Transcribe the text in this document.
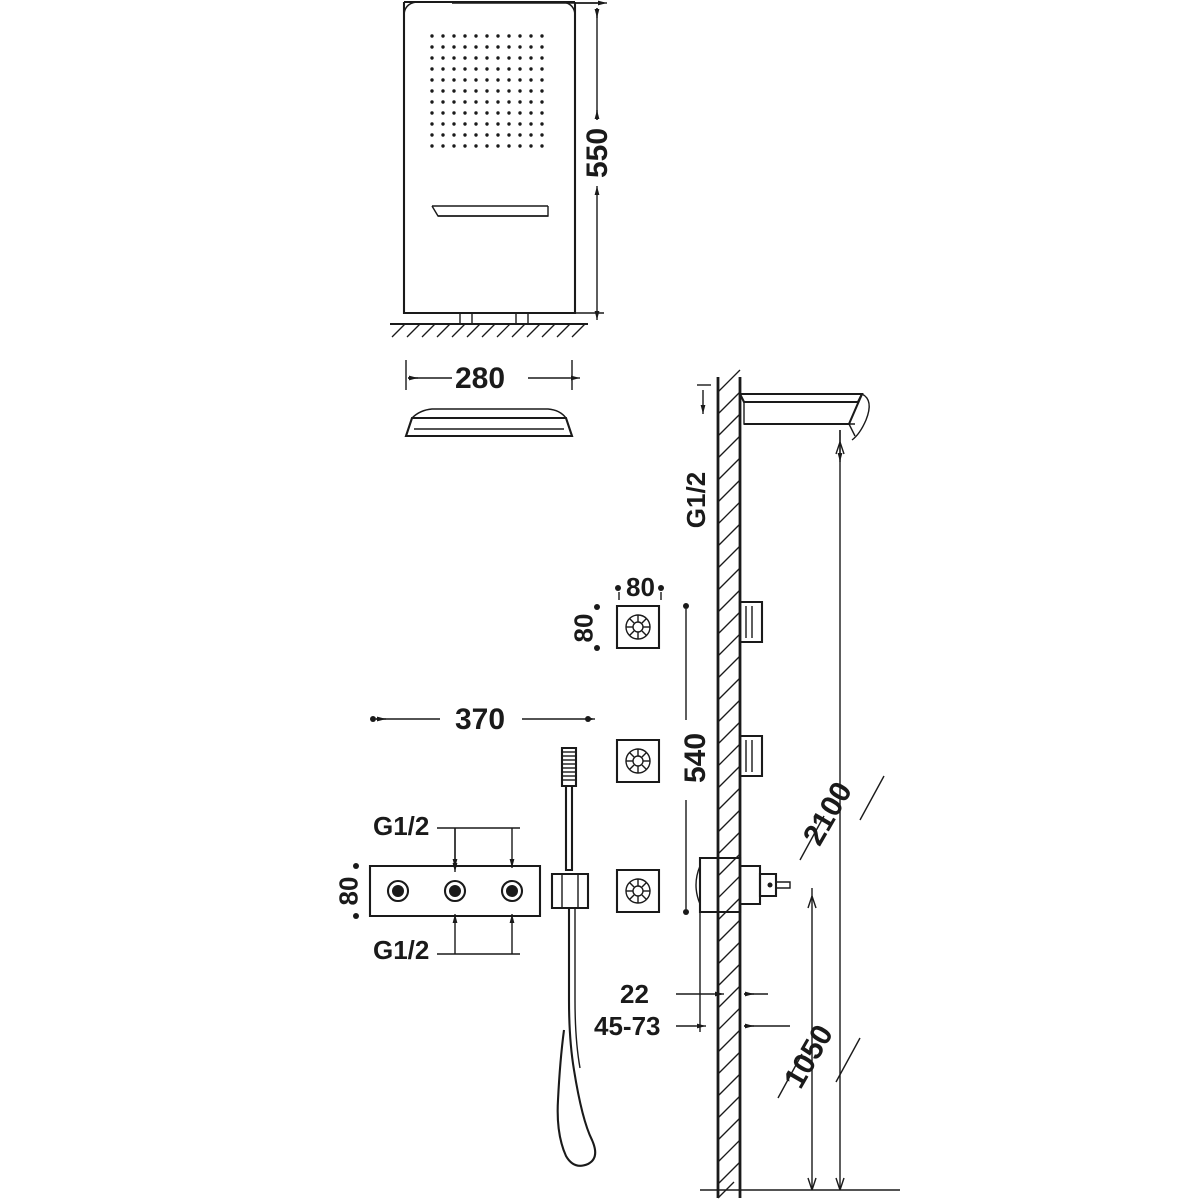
550
280
G1/2
80
80
370
540
G1/2
80
G1/2
2100
22
45-73	1050
